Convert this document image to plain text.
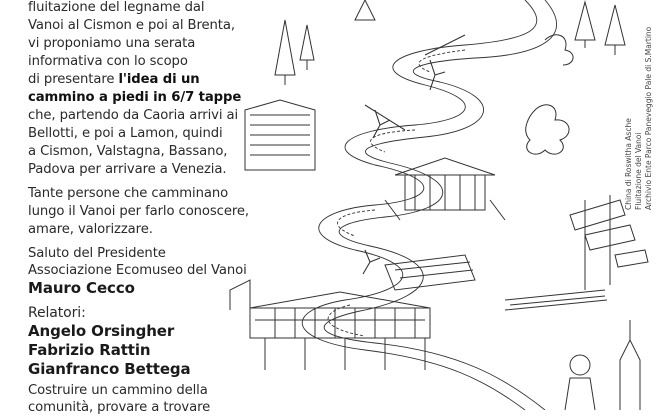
fluitazione del legname dal
Vanoi al Cismon e poi al Brenta,
vi proponiamo una serata
informativa con lo scopo
di presentare l'idea di un
cammino a piedi in 6/7 tappe
che, partendo da Caoria arrivi ai
Bellotti, e poi a Lamon, quindi
a Cismon, Valstagna, Bassano,
Padova per arrivare a Venezia.
Tante persone che camminano
lungo il Vanoi per farlo conoscere,
amare, valorizzare.
Saluto del Presidente
Associazione Ecomuseo del Vanoi
Mauro Cecco
Relatori:
Angelo Orsingher
Fabrizio Rattin
Gianfranco Bettega
Costruire un cammino della
comunità, provare a trovare
China di Roswitha Asche Fluitazione del Vanoi Archivio Ente Parco Paneveggio Pale di S.Martino
